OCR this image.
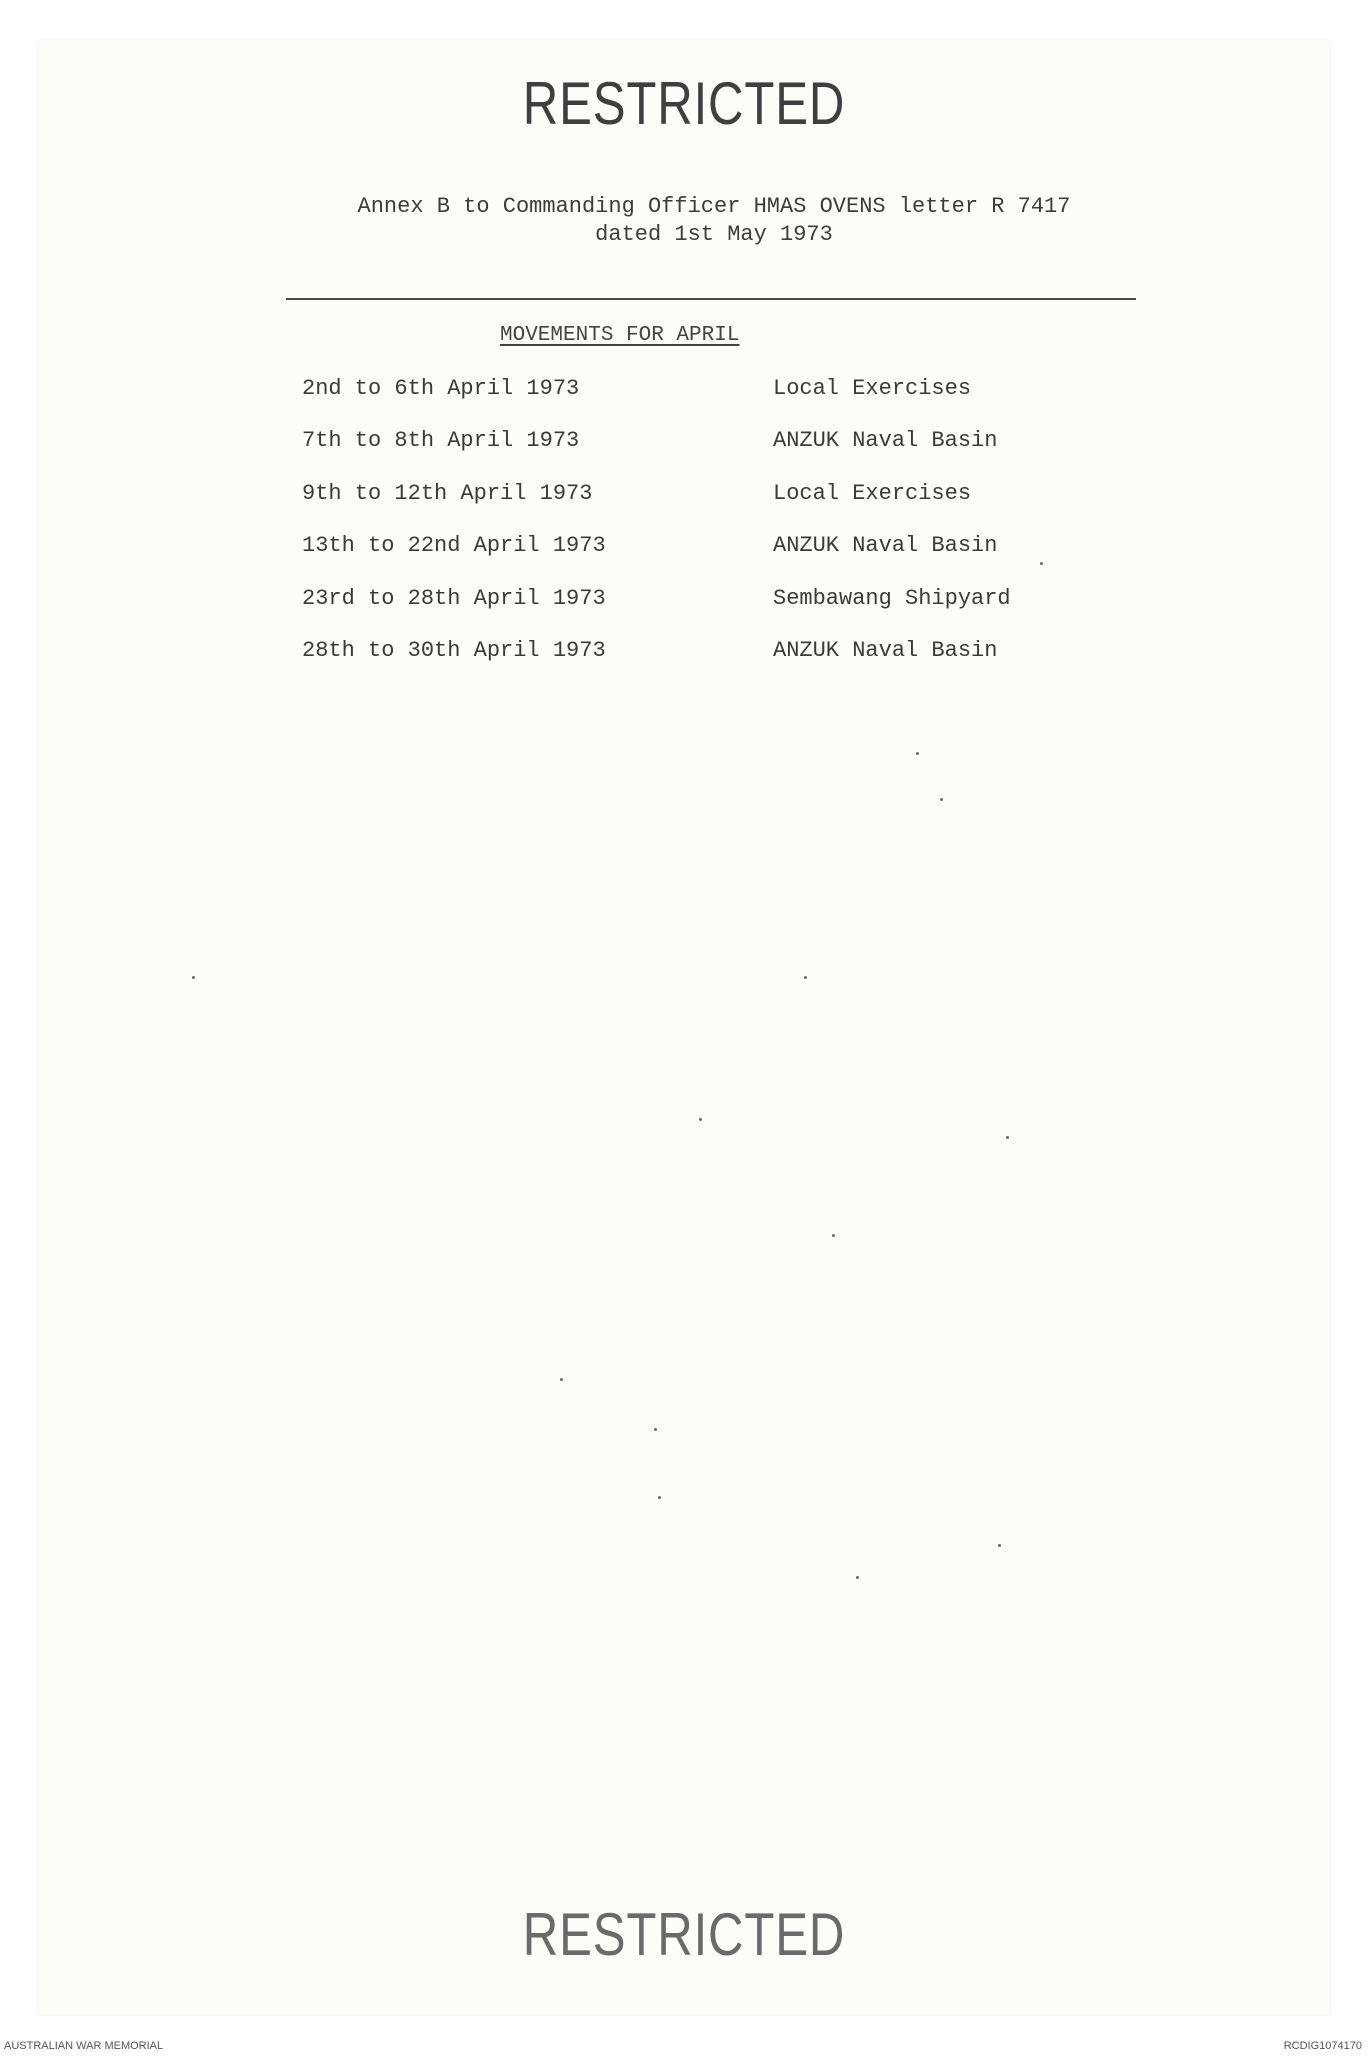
RESTRICTED
Annex B to Commanding Officer HMAS OVENS letter R 7417
dated 1st May 1973
MOVEMENTS FOR APRIL
2nd to 6th April 1973	Local Exercises
7th to 8th April 1973	ANZUK Naval Basin
9th to 12th April 1973	Local Exercises
13th to 22nd April 1973	ANZUK Naval Basin
23rd to 28th April 1973	Sembawang Shipyard
28th to 30th April 1973	ANZUK Naval Basin
RESTRICTED
AUSTRALIAN WAR MEMORIAL	RCDIG1074170
